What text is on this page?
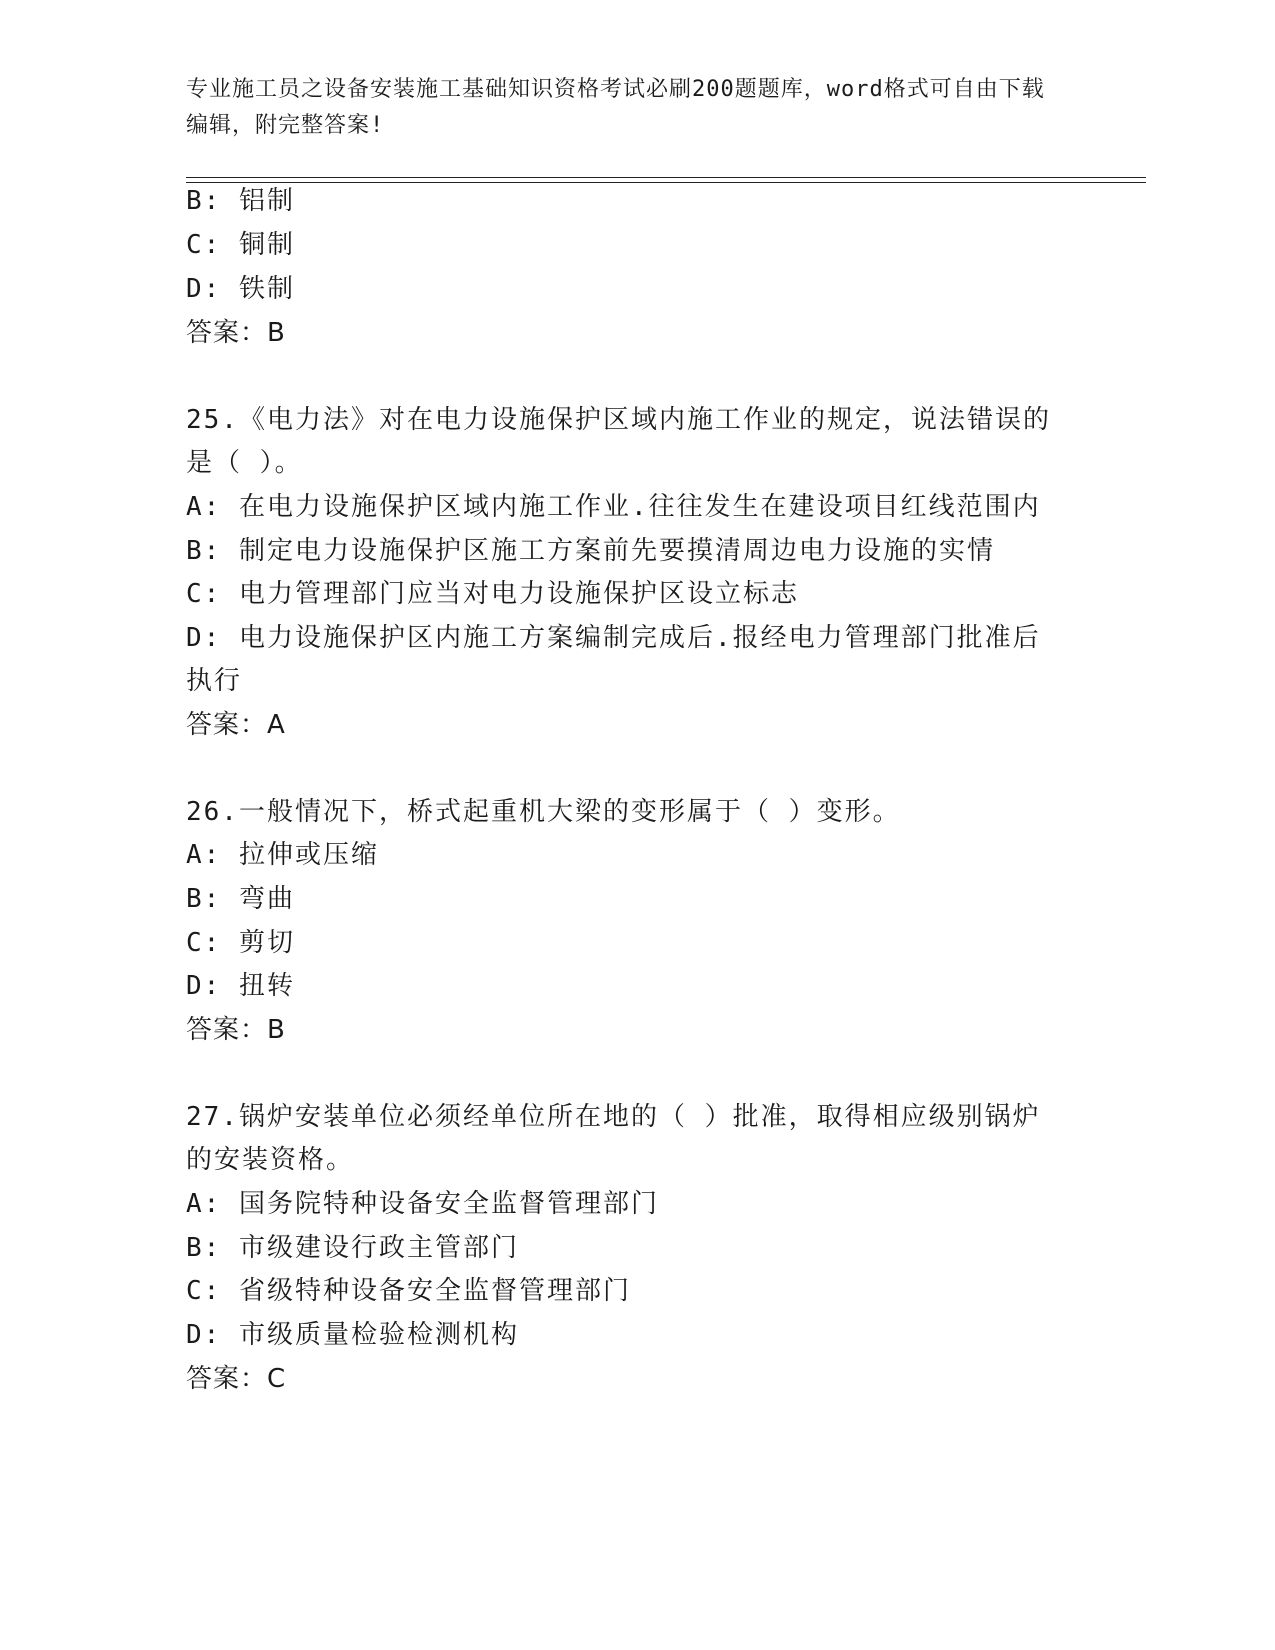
专业施工员之设备安装施工基础知识资格考试必刷200题题库，word格式可自由下载编辑，附完整答案!
B: 铝制
C: 铜制
D: 铁制
答案：B
25.《电力法》对在电力设施保护区域内施工作业的规定，说法错误的
是（ ）。
A: 在电力设施保护区域内施工作业.往往发生在建设项目红线范围内
B: 制定电力设施保护区施工方案前先要摸清周边电力设施的实情
C: 电力管理部门应当对电力设施保护区设立标志
D: 电力设施保护区内施工方案编制完成后.报经电力管理部门批准后
执行
答案：A
26.一般情况下，桥式起重机大梁的变形属于（ ）变形。
A: 拉伸或压缩
B: 弯曲
C: 剪切
D: 扭转
答案：B
27.锅炉安装单位必须经单位所在地的（ ）批准，取得相应级别锅炉
的安装资格。
A: 国务院特种设备安全监督管理部门
B: 市级建设行政主管部门
C: 省级特种设备安全监督管理部门
D: 市级质量检验检测机构
答案：C
